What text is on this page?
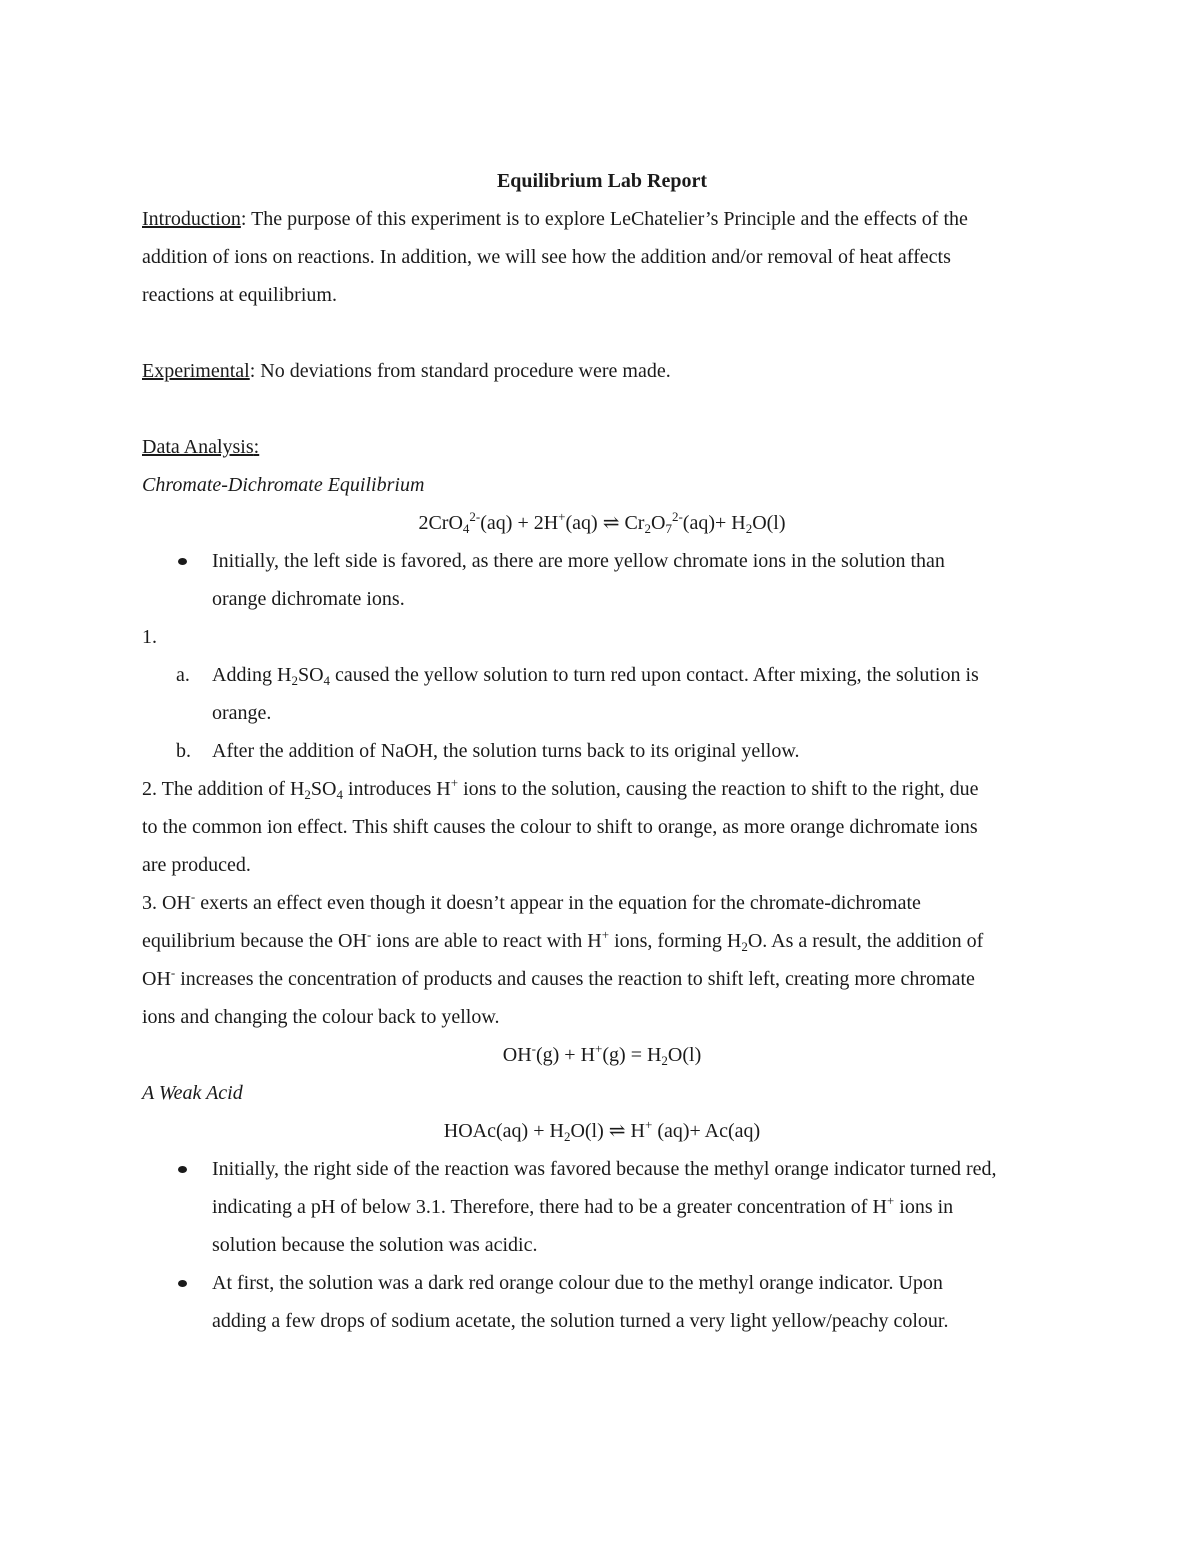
Equilibrium Lab Report
Introduction: The purpose of this experiment is to explore LeChatelier’s Principle and the effects of the
addition of ions on reactions. In addition, we will see how the addition and/or removal of heat affects
reactions at equilibrium.
Experimental: No deviations from standard procedure were made.
Data Analysis:
Chromate-Dichromate Equilibrium
2CrO$_4^{2-}$(aq) + 2H+(aq) ⇌ $Cr_2O_7^{2-}(aq)+ H_2O(l)$
Initially, the left side is favored, as there are more yellow chromate ions in the solution than
orange dichromate ions.
1.
a. Adding $H_2SO_4$ caused the yellow solution to turn red upon contact. After mixing, the solution is
orange.
b. After the addition of NaOH, the solution turns back to its original yellow.
2. The addition of $H_2SO_4$ introduces H+ ions to the solution, causing the reaction to shift to the right, due
to the common ion effect. This shift causes the colour to shift to orange, as more orange dichromate ions
are produced.
3. OH- exerts an effect even though it doesn’t appear in the equation for the chromate-dichromate
equilibrium because the OH- ions are able to react with H+ ions, forming $H_2O$. As a result, the addition of
OH- increases the concentration of products and causes the reaction to shift left, creating more chromate
ions and changing the colour back to yellow.
$OH^-(g) + H^+(g) = H_2O(l)$
A Weak Acid
HOAc(aq) + $H_2O(l)$ ⇌ H+ (aq)+ Ac(aq)
Initially, the right side of the reaction was favored because the methyl orange indicator turned red,
indicating a pH of below 3.1. Therefore, there had to be a greater concentration of H+ ions in
solution because the solution was acidic.
At first, the solution was a dark red orange colour due to the methyl orange indicator. Upon
adding a few drops of sodium acetate, the solution turned a very light yellow/peachy colour.
